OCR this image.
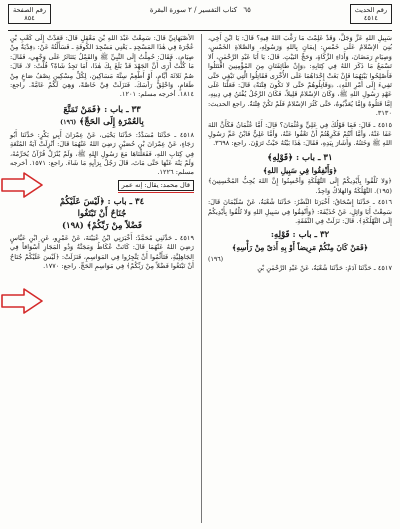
رقم الحديث
٤٥١٤
٦٥ كتاب التفسير / ٢ سورة البقرة
رقم الصفحة
٨٥٤

سَبِيلِ اللهِ عَزَّ وَجَلَّ، وَقَدْ عَلِمْتَ مَا رَغَّبَ اللهُ فِيهِ؟ قَالَ: يَا ابْنَ أَخِي، بُنِيَ الإسْلامُ عَلَى خَمْسٍ: إيمَانٍ بِاللهِ وَرَسُولِهِ، وَالصَّلاةِ الخَمْسِ، وَصِيَامِ رَمَضَانَ، وَأَدَاءِ الزَّكَاةِ، وَحَجِّ البَيْتِ. قَالَ: يَا أَبَا عَبْدِ الرَّحْمٰنِ، أَلا تَسْمَعُ مَا ذَكَرَ اللهُ فِي كِتَابِهِ: ﴿وَإِنْ طَائِفَتَانِ مِنَ المُؤْمِنِينَ اقْتَتَلُوا فَأَصْلِحُوا بَيْنَهُمَا فَإِنْ بَغَتْ إِحْدَاهُمَا عَلَى الأُخْرَى فَقَاتِلُوا الَّتِي تَبْغِي حَتَّى تَفِيءَ إِلَى أَمْرِ اللهِ﴾. ﴿وَقَاتِلُوهُمْ حَتَّى لا تَكُونَ فِتْنَةٌ﴾ قَالَ: فَعَلْنَا عَلَى عَهْدِ رَسُولِ اللهِ ﷺ، وَكَانَ الإسْلامُ قَلِيلاً، فَكَانَ الرَّجُلُ يُفْتَنُ فِي دِينِهِ، إمَّا قَتَلُوهُ وَإمَّا يُعَذِّبُوهُ، حَتَّى كَثُرَ الإسْلامُ فَلَمْ تَكُنْ فِتْنَةٌ. راجع الحديث: ٣١٣٠.

٤٥١٥ ـ قَالَ: فَمَا قَوْلُكَ فِي عَلِيٍّ وَعُثْمَانَ؟ قَالَ: أَمَّا عُثْمَانُ فَكَأَنَّ اللهَ عَفَا عَنْهُ، وَأَمَّا أَنْتُمْ فَكَرِهْتُمْ أَنْ تَعْفُوا عَنْهُ، وَأَمَّا عَلِيٌّ فَابْنُ عَمِّ رَسُولِ اللهِ ﷺ وَخَتَنُهُ. وَأَشَارَ بِيَدِهِ، فَقَالَ: هٰذَا بَيْتُهُ حَيْثُ تَرَوْنَ. راجع: ٣٦٩٨.

٣١ ـ باب : ﴿قَوْلِهِ﴾
﴿وَأَنْفِقُوا فِي سَبِيلِ اللهِ﴾

﴿وَلا تُلْقُوا بِأَيْدِيكُمْ إِلَى التَّهْلُكَةِ وَأَحْسِنُوا إِنَّ اللهَ يُحِبُّ المُحْسِنِينَ﴾ (١٩٥). التَّهْلُكَةُ وَالهَلاكُ وَاحِدٌ.

٤٥١٦ ـ حَدَّثَنَا إِسْحَاقُ: أَخْبَرَنَا النَّضْرُ: حَدَّثَنَا شُعْبَةُ، عَنْ سُلَيْمَانَ قَالَ: سَمِعْتُ أَبَا وَائِلٍ، عَنْ حُذَيْفَةَ: ﴿وَأَنْفِقُوا فِي سَبِيلِ اللهِ وَلا تُلْقُوا بِأَيْدِيكُمْ إِلَى التَّهْلُكَةِ﴾. قَالَ: نَزَلَتْ فِي النَّفَقَةِ.

٣٢ ـ باب : قَوْلِهِ:
﴿فَمَنْ كَانَ مِنْكُمْ مَرِيضاً أَوْ بِهِ أَذىً مِنْ رَأْسِهِ﴾

(١٩٦)

٤٥١٧ ـ حَدَّثَنَا آدَمُ: حَدَّثَنَا شُعْبَةُ، عَنْ عَبْدِ الرَّحْمٰنِ بْنِ

الأصْبَهَانِيِّ قَالَ: سَمِعْتُ عَبْدَ اللهِ بْنَ مَعْقِلٍ قَالَ: قَعَدْتُ إِلَى كَعْبِ بْنِ عُجْرَةَ فِي هٰذَا المَسْجِدِ ـ يَعْنِي مَسْجِدَ الكُوفَةِ ـ فَسَأَلْتُهُ عَنْ: ﴿فِدْيَةٌ مِنْ صِيَامٍ﴾. فَقَالَ: حُمِلْتُ إِلَى النَّبِيِّ ﷺ وَالقَمْلُ يَتَنَاثَرُ عَلَى وَجْهِي، فَقَالَ: مَا كُنْتُ أُرَى أَنَّ الجَهْدَ قَدْ بَلَغَ بِكَ هٰذَا، أَمَا تَجِدُ شَاةً؟ قُلْتُ: لا، قَالَ: صُمْ ثَلاثَةَ أَيَّامٍ، أَوْ أَطْعِمْ سِتَّةَ مَسَاكِينَ، لِكُلِّ مِسْكِينٍ نِصْفُ صَاعٍ مِنْ طَعَامٍ، وَاحْلِقْ رَأْسَكَ. فَنَزَلَتْ فِيَّ خَاصَّةً، وَهِيَ لَكُمْ عَامَّةً. راجع: ١٨١٤. أخرجه مسلم: ١٢٠١.

٣٣ ـ باب : ﴿فَمَنْ تَمَتَّعَ
بِالعُمْرَةِ إِلَى الحَجِّ﴾ (١٩٦)

٤٥١٨ ـ حَدَّثَنَا مُسَدَّدٌ: حَدَّثَنَا يَحْيَى، عَنْ عِمْرَانَ أَبِي بَكْرٍ: حَدَّثَنَا أَبُو رَجَاءٍ، عَنْ عِمْرَانَ بْنِ حُصَيْنٍ رَضِيَ اللهُ عَنْهُمَا قَالَ: أُنْزِلَتْ آيَةُ المُتْعَةِ فِي كِتَابِ اللهِ، فَفَعَلْنَاهَا مَعَ رَسُولِ اللهِ ﷺ، وَلَمْ يُنْزَلْ قُرْآنٌ يُحَرِّمُهُ، وَلَمْ يَنْهَ عَنْهَا حَتَّى مَاتَ، قَالَ رَجُلٌ بِرَأْيِهِ مَا شَاءَ. راجع: ١٥٧١. أخرجه مسلم: ١٢٢٦.

قال محمد: يقال: إنه عمر
٣٤ ـ باب : ﴿لَيْسَ عَلَيْكُمْ
جُنَاحٌ أَنْ تَبْتَغُوا
فَضْلاً مِنْ رَبِّكُمْ﴾ (١٩٨)

٤٥١٩ ـ حَدَّثَنِي مُحَمَّدٌ: أَخْبَرَنِي ابْنُ عُيَيْنَةَ، عَنْ عَمْرٍو، عَنِ ابْنِ عَبَّاسٍ رَضِيَ اللهُ عَنْهُمَا قَالَ: كَانَتْ عُكَاظُ وَمَجَنَّةُ وَذُو المَجَازِ أَسْوَاقاً فِي الجَاهِلِيَّةِ، فَتَأَثَّمُوا أَنْ يَتَّجِرُوا فِي المَوَاسِمِ، فَنَزَلَتْ: ﴿لَيْسَ عَلَيْكُمْ جُنَاحٌ أَنْ تَبْتَغُوا فَضْلاً مِنْ رَبِّكُمْ﴾ فِي مَوَاسِمِ الحَجِّ. راجع: ١٧٧٠.
